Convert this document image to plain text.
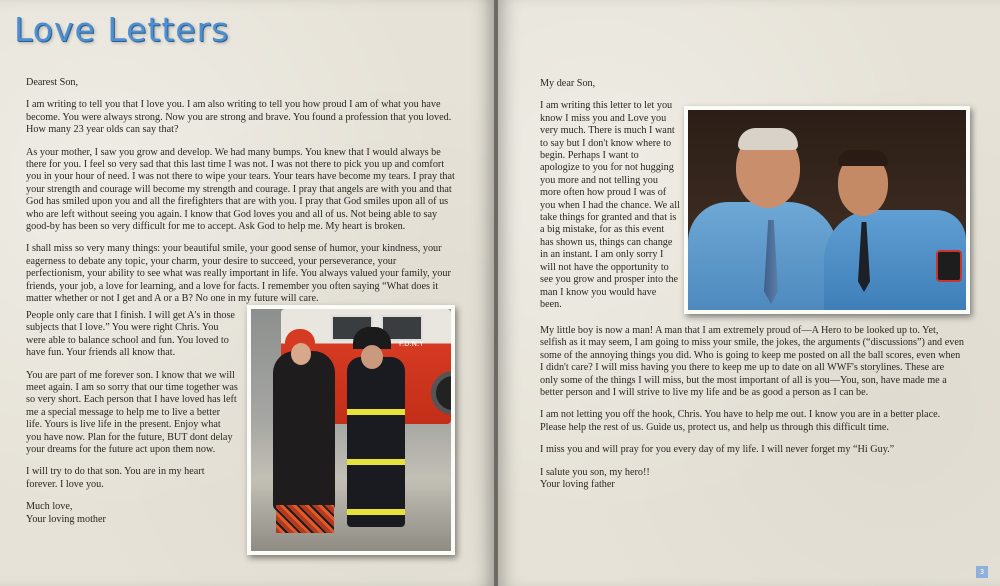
Love Letters

Dearest Son,

I am writing to tell you that I love you. I am also writing to tell you how proud I am of what you have become. You were always strong. Now you are strong and brave. You found a profession that you loved. How many 23 year olds can say that?

As your mother, I saw you grow and develop. We had many bumps. You knew that I would always be there for you. I feel so very sad that this last time I was not. I was not there to pick you up and comfort you in your hour of need. I was not there to wipe your tears. Your tears have become my tears. I pray that your strength and courage will become my strength and courage. I pray that angels are with you and that God has smiled upon you and all the firefighters that are with you. I pray that God smiles upon all of us who are left without seeing you again. I know that God loves you and all of us. Not being able to say good-by has been so very difficult for me to accept. Ask God to help me. My heart is broken.

I shall miss so very many things: your beautiful smile, your good sense of humor, your kindness, your eagerness to debate any topic, your charm, your desire to succeed, your perseverance, your perfectionism, your ability to see what was really important in life. You always valued your family, your friends, your job, a love for learning, and a love for facts. I remember you often saying “What does it matter whether or not I get and A or a B? No one in my future will care.

People only care that I finish. I will get A's in those subjects that I love.” You were right Chris. You were able to balance school and fun. You loved to have fun. Your friends all know that.

You are part of me forever son. I know that we will meet again. I am so sorry that our time together was so very short. Each person that I have loved has left me a special message to help me to live a better life. Yours is live life in the present. Enjoy what you have now. Plan for the future, BUT dont delay your dreams for the future act upon them now.

I will try to do that son. You are in my heart forever. I love you.

Much love,

Your loving mother

F.D.N.Y
3

My dear Son,

I am writing this letter to let you know I miss you and Love you very much. There is much I want to say but I don't know where to begin. Perhaps I want to apologize to you for not hugging you more and not telling you more often how proud I was of you when I had the chance. We all take things for granted and that is a big mistake, for as this event has shown us, things can change in an instant. I am only sorry I will not have the opportunity to see you grow and prosper into the man I know you would have been.

My little boy is now a man! A man that I am extremely proud of—A Hero to be looked up to. Yet, selfish as it may seem, I am going to miss your smile, the jokes, the arguments (“discussions”) and even some of the annoying things you did. Who is going to keep me posted on all the ball scores, even when I didn't care? I will miss having you there to keep me up to date on all WWF's storylines. These are only some of the things I will miss, but the most important of all is you—You, son, have made me a better person and I will strive to live my life and be as good a person as I can be.

I am not letting you off the hook, Chris. You have to help me out. I know you are in a better place. Please help the rest of us. Guide us, protect us, and help us through this difficult time.

I miss you and will pray for you every day of my life. I will never forget my “Hi Guy.”

I salute you son, my hero!!

Your loving father
